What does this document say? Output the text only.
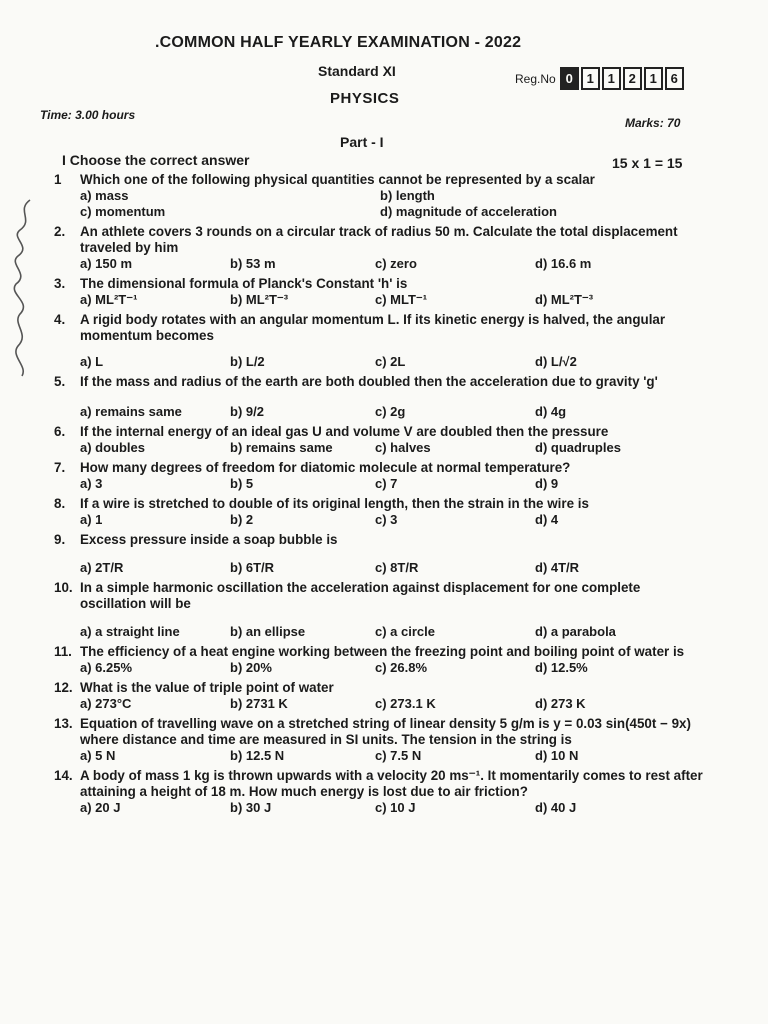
.COMMON HALF YEARLY EXAMINATION - 2022
Standard XI
PHYSICS
Reg.No 0	1	1	2	1	6
Time: 3.00 hours
Marks: 70
Part - I
I Choose the correct answer	15 x 1 = 15
1	Which one of the following physical quantities cannot be represented by a scalar
a) mass	b) length
c) momentum	d) magnitude of acceleration
2.	An athlete covers 3 rounds on a circular track of radius 50 m. Calculate the total displacement traveled by him
a) 150 m	b) 53 m	c) zero	d) 16.6 m
3.	The dimensional formula of Planck's Constant 'h' is
a) ML²T⁻¹	b) ML²T⁻³	c) MLT⁻¹	d) ML²T⁻³
4.	A rigid body rotates with an angular momentum L. If its kinetic energy is halved, the angular momentum becomes
a) L	b) L/2	c) 2L	d) L/√2
5.	If the mass and radius of the earth are both doubled then the acceleration due to gravity 'g'
a) remains same	b) 9/2	c) 2g	d) 4g
6.	If the internal energy of an ideal gas U and volume V are doubled then the pressure
a) doubles	b) remains same	c) halves	d) quadruples
7.	How many degrees of freedom for diatomic molecule at normal temperature?
a) 3	b) 5	c) 7	d) 9
8.	If a wire is stretched to double of its original length, then the strain in the wire is
a) 1	b) 2	c) 3	d) 4
9.	Excess pressure inside a soap bubble is
a) 2T/R	b) 6T/R	c) 8T/R	d) 4T/R
10. In a simple harmonic oscillation the acceleration against displacement for one complete oscillation will be
a) a straight line	b) an ellipse	c) a circle	d) a parabola
11. The efficiency of a heat engine working between the freezing point and boiling point of water is
a) 6.25%	b) 20%	c) 26.8%	d) 12.5%
12. What is the value of triple point of water
a) 273°C	b) 2731 K	c) 273.1 K	d) 273 K
13. Equation of travelling wave on a stretched string of linear density 5 g/m is y = 0.03 sin(450t − 9x) where distance and time are measured in SI units. The tension in the string is
a) 5 N	b) 12.5 N	c) 7.5 N	d) 10 N
14. A body of mass 1 kg is thrown upwards with a velocity 20 ms⁻¹. It momentarily comes to rest after attaining a height of 18 m. How much energy is lost due to air friction?
a) 20 J	b) 30 J	c) 10 J	d) 40 J
